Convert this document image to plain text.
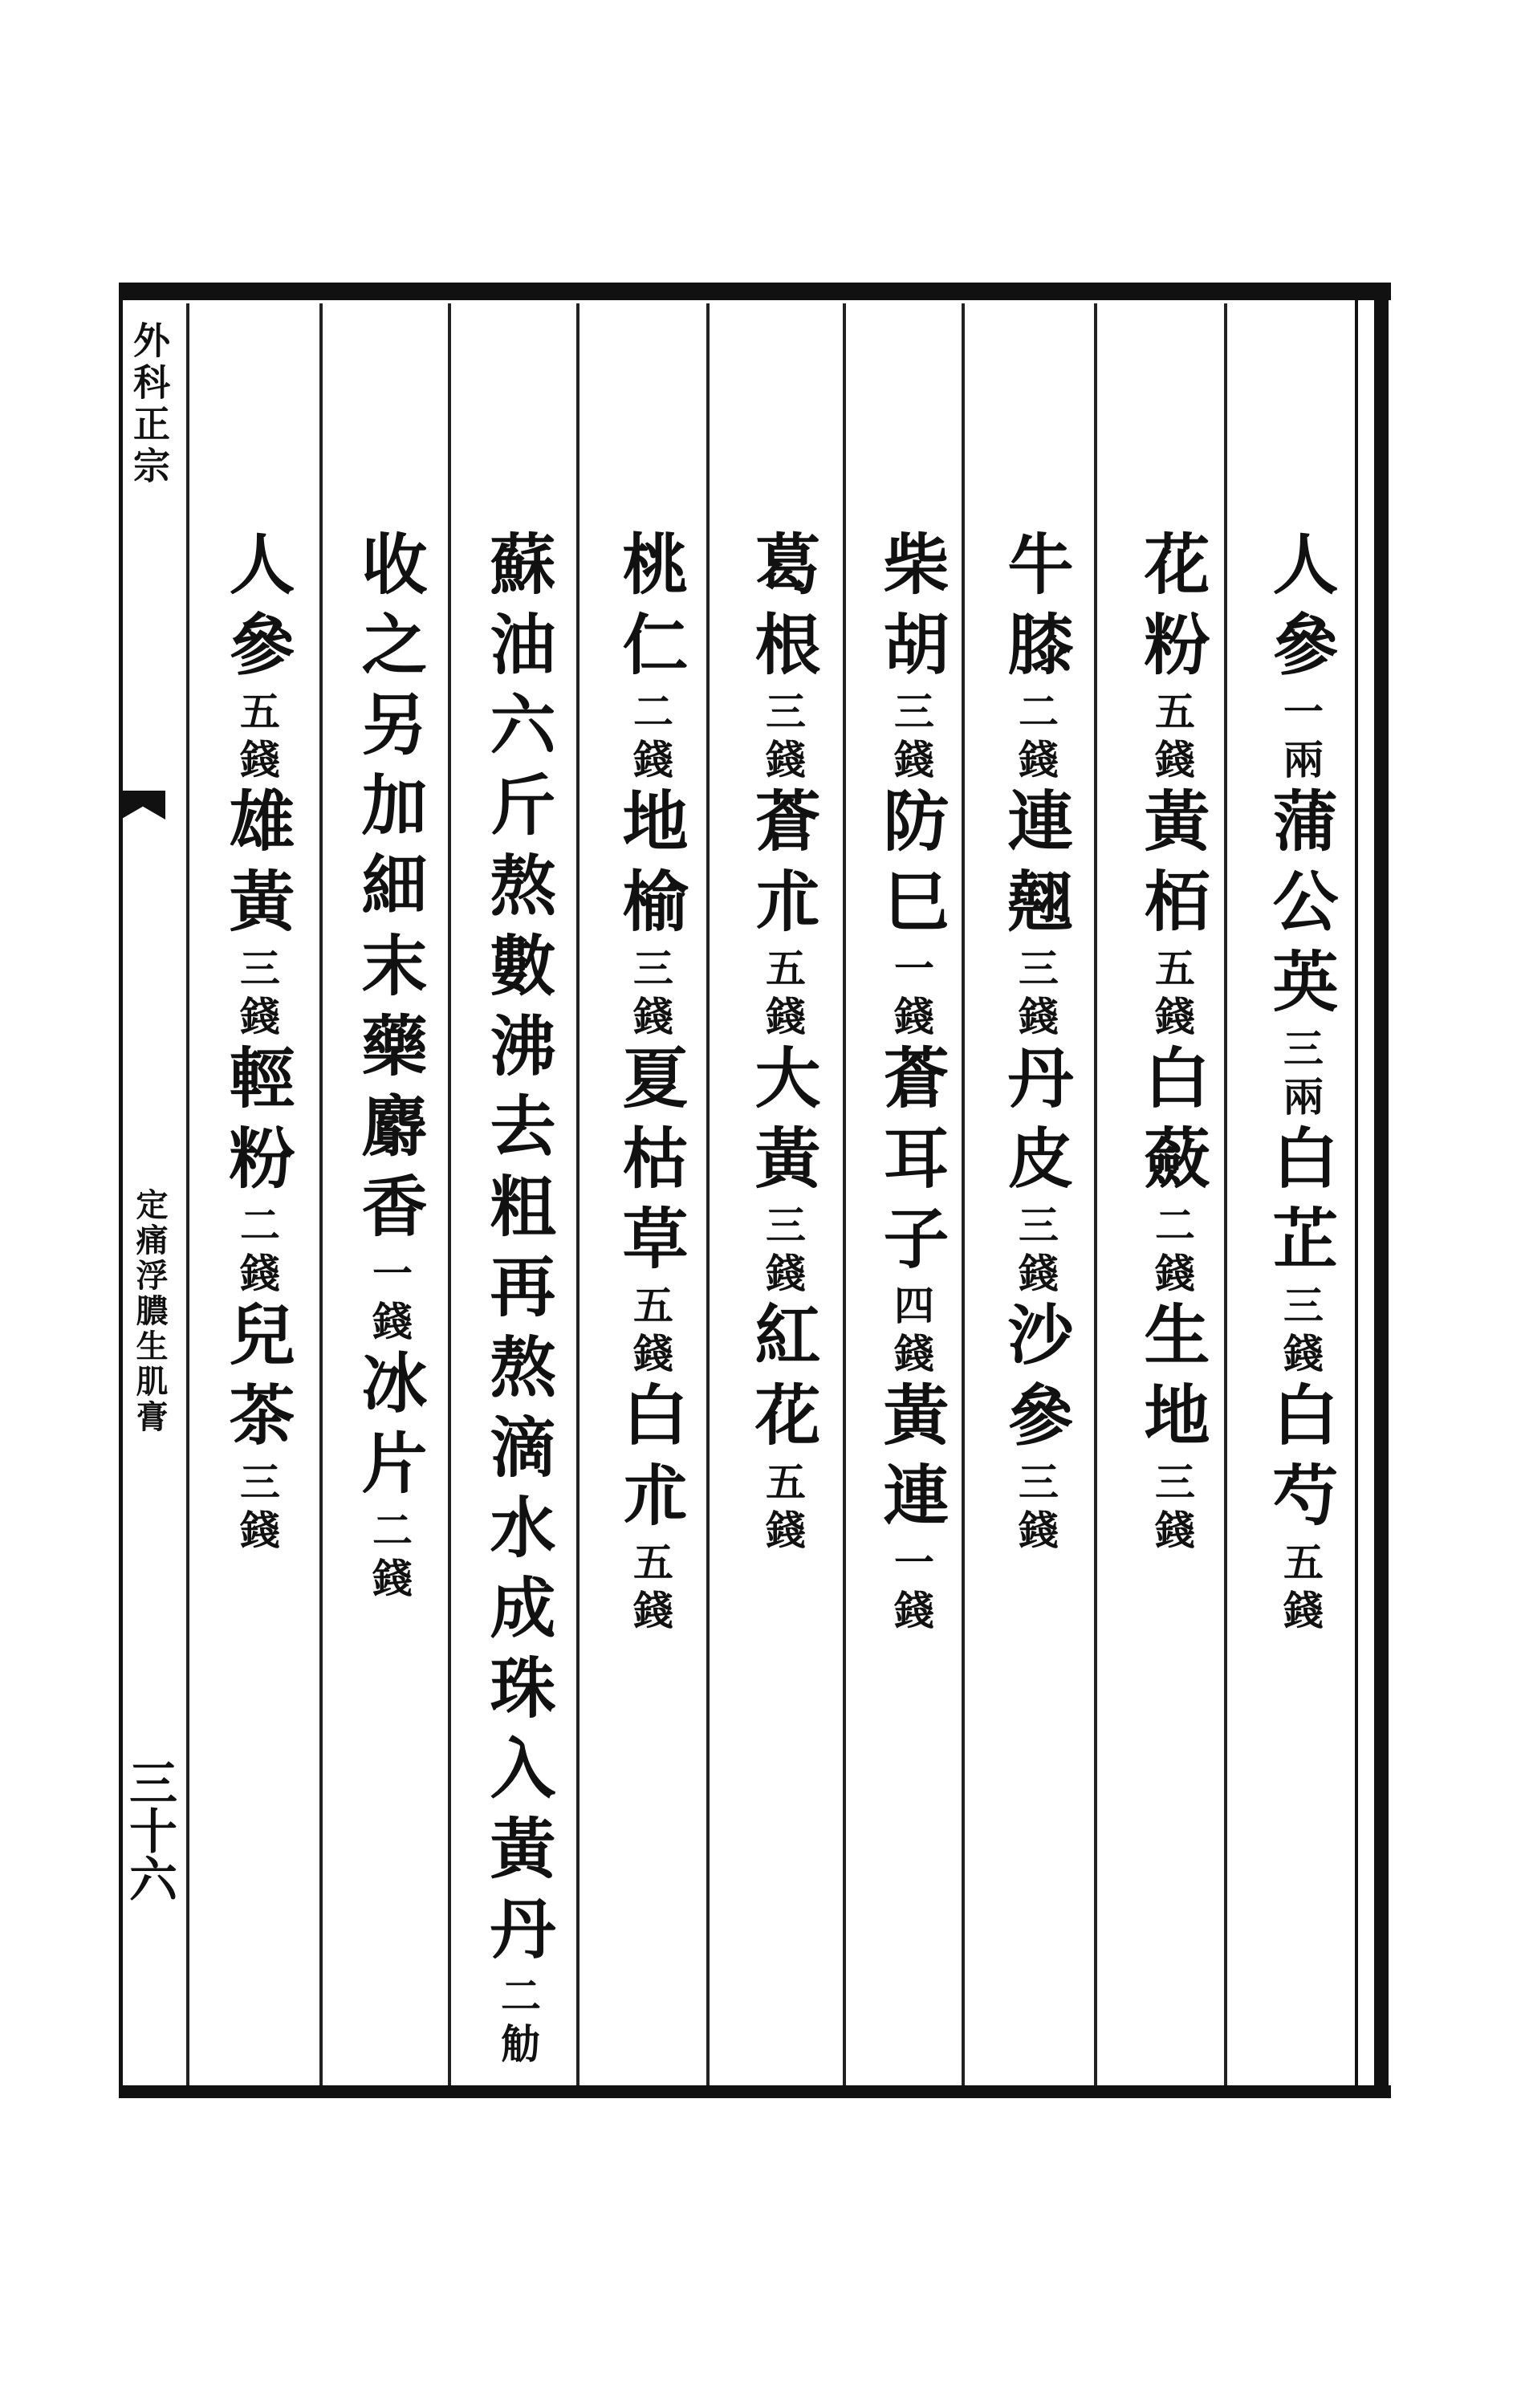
外科正宗
定痛浮膿生肌膏
三十六
人參一兩蒲公英三兩白芷三錢白芍五錢
花粉五錢黃栢五錢白蘞二錢生地三錢
牛膝二錢連翹三錢丹皮三錢沙參三錢
柴胡三錢防巳一錢蒼耳子四錢黃連一錢
葛根三錢蒼朮五錢大黃三錢紅花五錢
桃仁二錢地榆三錢夏枯草五錢白朮五錢
蘇油六斤熬數沸去粗再熬滴水成珠入黃丹二觔
收之另加細末藥麝香一錢冰片二錢
人參五錢雄黃三錢輕粉二錢兒茶三錢
